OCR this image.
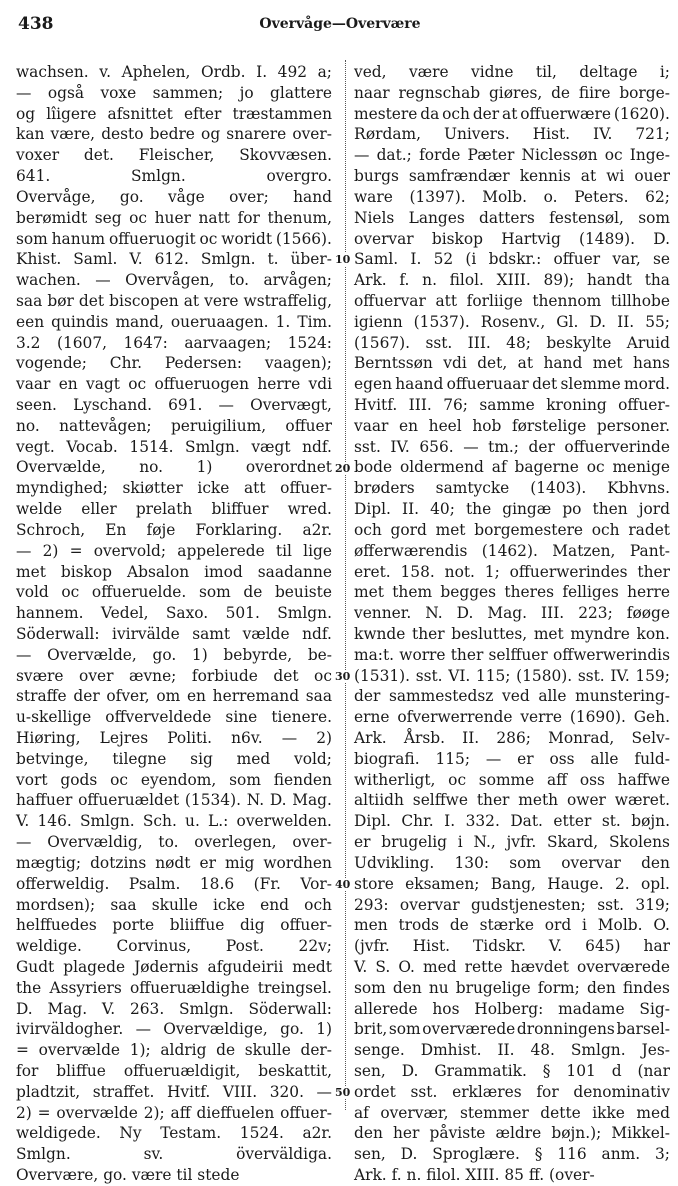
438	Overvåge—Overvære
wachsen. v. Aphelen, Ordb. I. 492 a;
— også voxe sammen; jo glattere
og lîigere afsnittet efter træstammen
kan være, desto bedre og snarere over-
voxer det. Fleischer, Skovvæsen.
641.	Smlgn.	overgro.
Overvåge, go. våge over; hand
berømidt seg oc huer natt for thenum,
som hanum offueruogit oc woridt (1566).
Khist. Saml. V. 612. Smlgn. t. über-
wachen. — Overvågen, to. arvågen;
saa bør det biscopen at vere wstraffelig,
een quindis mand, oueruaagen. 1. Tim.
3.2 (1607, 1647: aarvaagen; 1524:
vogende; Chr. Pedersen: vaagen);
vaar en vagt oc offueruogen herre vdi
seen. Lyschand. 691. — Overvægt,
no. nattevågen; peruigilium, offuer
vegt. Vocab. 1514. Smlgn. vægt ndf.
Overvælde, no. 1) overordnet
myndighed; skiøtter icke att offuer-
welde eller prelath bliffuer wred.
Schroch, En føje Forklaring. a2r.
— 2) = overvold; appelerede til lige
met biskop Absalon imod saadanne
vold oc offueruelde. som de beuiste
hannem. Vedel, Saxo. 501. Smlgn.
Söderwall: ivirvälde samt vælde ndf.
— Overvælde, go. 1) bebyrde, be-
svære over ævne; forbiude det oc
straffe der ofver, om en herremand saa
u-skellige offverveldede sine tienere.
Hiøring, Lejres Politi. n6v. — 2)
betvinge, tilegne sig med vold;
vort gods oc eyendom, som fienden
haffuer offueruældet (1534). N. D. Mag.
V. 146. Smlgn. Sch. u. L.: overwelden.
— Overvældig, to. overlegen, over-
mægtig; dotzins nødt er mig wordhen
offerweldig. Psalm. 18.6 (Fr. Vor-
mordsen); saa skulle icke end och
helffuedes porte bliiffue dig offuer-
weldige. Corvinus, Post. 22v;
Gudt plagede Jødernis afgudeirii medt
the Assyriers offueruældighe treingsel.
D. Mag. V. 263. Smlgn. Söderwall:
ivirväldogher. — Overvældige, go. 1)
= overvælde 1); aldrig de skulle der-
for bliffue offueruældigit, beskattit,
pladtzit, straffet. Hvitf. VIII. 320. —
2) = overvælde 2); aff dieffuelen offuer-
weldigede. Ny Testam. 1524. a2r.
Smlgn.	sv.	överväldiga.
Overvære, go. være til stede
ved, være vidne til, deltage i;
naar regnschab giøres, de fiire borge-
mestere da och der at offuerwære (1620).
Rørdam, Univers. Hist. IV. 721;
— dat.; forde Pæter Niclessøn oc Inge-
burgs samfrændær kennis at wi ouer
ware (1397). Molb. o. Peters. 62;
Niels Langes datters festensøl, som
overvar biskop Hartvig (1489). D.
Saml. I. 52 (i bdskr.: offuer var, se
Ark. f. n. filol. XIII. 89); handt tha
offuervar att forliige thennom tillhobe
igienn (1537). Rosenv., Gl. D. II. 55;
(1567). sst. III. 48; beskylte Aruid
Berntssøn vdi det, at hand met hans
egen haand offueruaar det slemme mord.
Hvitf. III. 76; samme kroning offuer-
vaar en heel hob førstelige personer.
sst. IV. 656. — tm.; der offuerverinde
bode oldermend af bagerne oc menige
brøders samtycke (1403). Kbhvns.
Dipl. II. 40; the gingæ po then jord
och gord met borgemestere och radet
øfferwærendis (1462). Matzen, Pant-
eret. 158. not. 1; offuerwerindes ther
met them begges theres felliges herre
venner. N. D. Mag. III. 223; føøge
kwnde ther besluttes, met myndre kon.
ma:t. worre ther selffuer offwerwerindis
(1531). sst. VI. 115; (1580). sst. IV. 159;
der sammestedsz ved alle munstering-
erne ofverwerrende verre (1690). Geh.
Ark. Årsb. II. 286; Monrad, Selv-
biografi. 115; — er oss alle fuld-
witherligt, oc somme aff oss haffwe
altiidh selffwe ther meth ower wæret.
Dipl. Chr. I. 332. Dat. etter st. bøjn.
er brugelig i N., jvfr. Skard, Skolens
Udvikling. 130: som overvar den
store eksamen; Bang, Hauge. 2. opl.
293: overvar gudstjenesten; sst. 319;
men trods de stærke ord i Molb. O.
(jvfr. Hist. Tidskr. V. 645) har
V. S. O. med rette hævdet overværede
som den nu brugelige form; den findes
allerede hos Holberg: madame Sig-
brit, som overværede dronningens barsel-
senge. Dmhist. II. 48. Smlgn. Jes-
sen, D. Grammatik. § 101 d (nar
ordet sst. erklæres for denominativ
af overvær, stemmer dette ikke med
den her påviste ældre bøjn.); Mikkel-
sen, D. Sproglære. § 116 anm. 3;
Ark. f. n. filol. XIII. 85 ff. (over-
10
20
30
40
50
